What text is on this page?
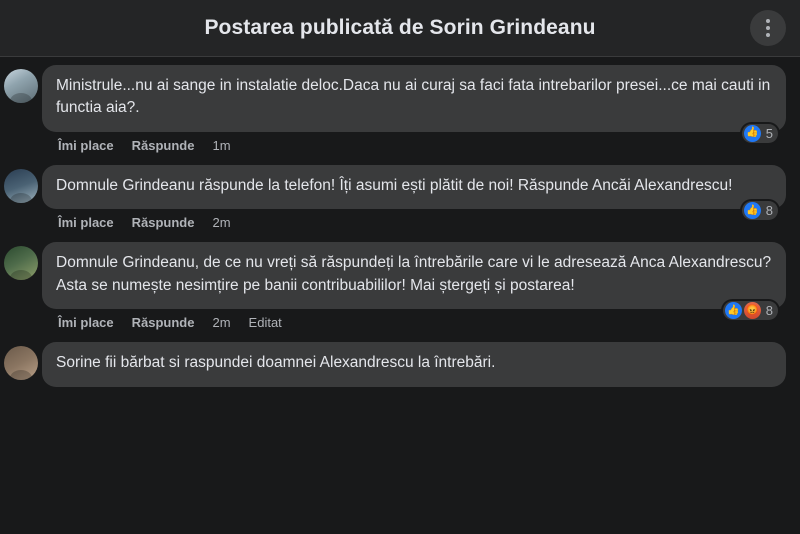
Postarea publicată de Sorin Grindeanu
Ministrule...nu ai sange in instalatie deloc.Daca nu ai curaj sa faci fata intrebarilor presei...ce mai cauti in functia aia?.
👍 5
Îmi place Răspunde 1m
Domnule Grindeanu răspunde la telefon! Îți asumi ești plătit de noi! Răspunde Ancăi Alexandrescu!
👍 8
Îmi place Răspunde 2m
Domnule Grindeanu, de ce nu vreți să răspundeți la întrebările care vi le adresează Anca Alexandrescu? Asta se numește nesimțire pe banii contribuabililor! Mai ștergeți și postarea!
👍 😡 8
Îmi place Răspunde 2m Editat
Sorine fii bărbat si raspundei doamnei Alexandrescu la întrebări.
